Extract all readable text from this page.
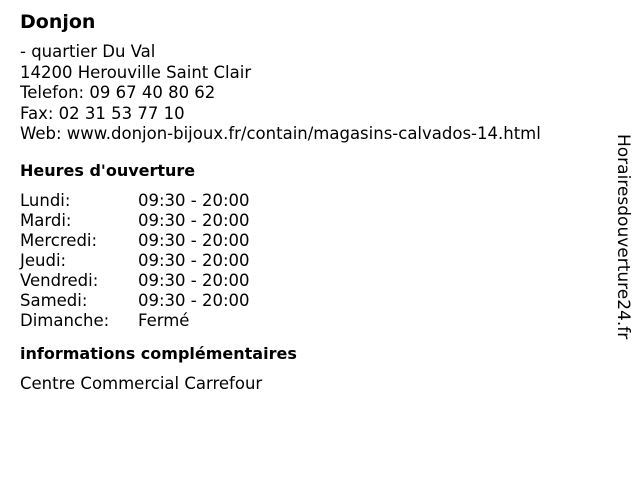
Donjon
- quartier Du Val
14200 Herouville Saint Clair
Telefon: 09 67 40 80 62
Fax: 02 31 53 77 10
Web: www.donjon-bijoux.fr/contain/magasins-calvados-14.html
Heures d'ouverture
Lundi:	09:30 - 20:00
Mardi:	09:30 - 20:00
Mercredi:	09:30 - 20:00
Jeudi:	09:30 - 20:00
Vendredi:	09:30 - 20:00
Samedi:	09:30 - 20:00
Dimanche:	Fermé
informations complémentaires
Centre Commercial Carrefour
Horairesdouverture24.fr
